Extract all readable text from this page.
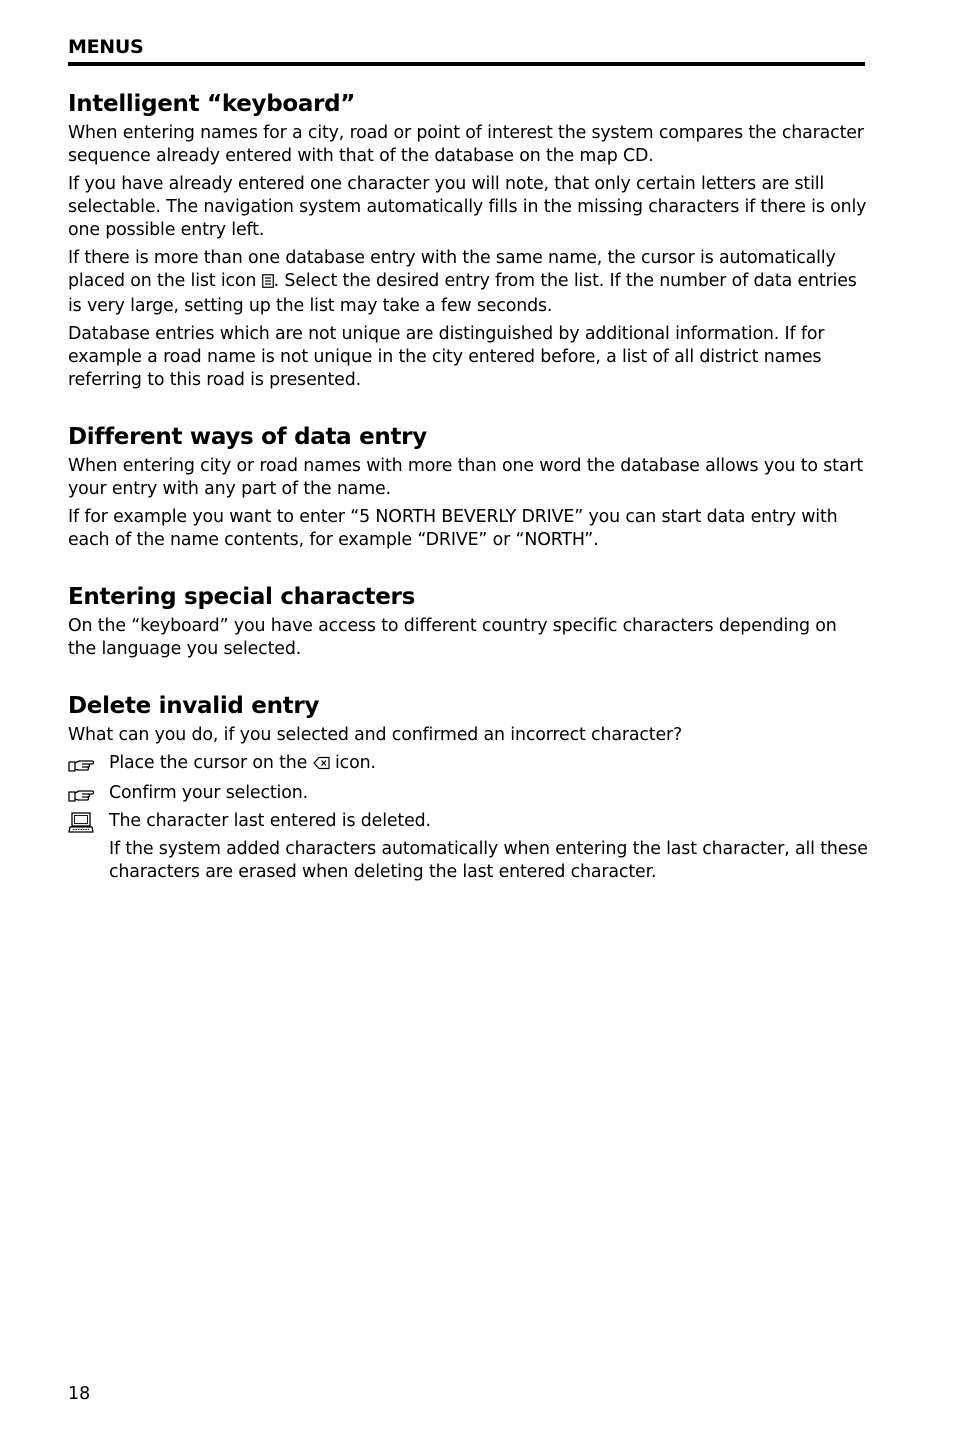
MENUS
Intelligent “keyboard”

When entering names for a city, road or point of interest the system compares the character sequence already entered with that of the database on the map CD.

If you have already entered one character you will note, that only certain letters are still selectable. The navigation system automatically fills in the missing characters if there is only one possible entry left.

If there is more than one database entry with the same name, the cursor is automatically placed on the list icon . Select the desired entry from the list. If the number of data entries is very large, setting up the list may take a few seconds.

Database entries which are not unique are distinguished by additional information. If for example a road name is not unique in the city entered before, a list of all district names referring to this road is presented.

Different ways of data entry

When entering city or road names with more than one word the database allows you to start your entry with any part of the name.

If for example you want to enter “5 NORTH BEVERLY DRIVE” you can start data entry with each of the name contents, for example “DRIVE” or “NORTH”.

Entering special characters

On the “keyboard” you have access to different country specific characters depending on the language you selected.

Delete invalid entry

What can you do, if you selected and confirmed an incorrect character?

Place the cursor on the  icon.

Confirm your selection.

The character last entered is deleted.

If the system added characters automatically when entering the last character, all these characters are erased when deleting the last entered character.

18
